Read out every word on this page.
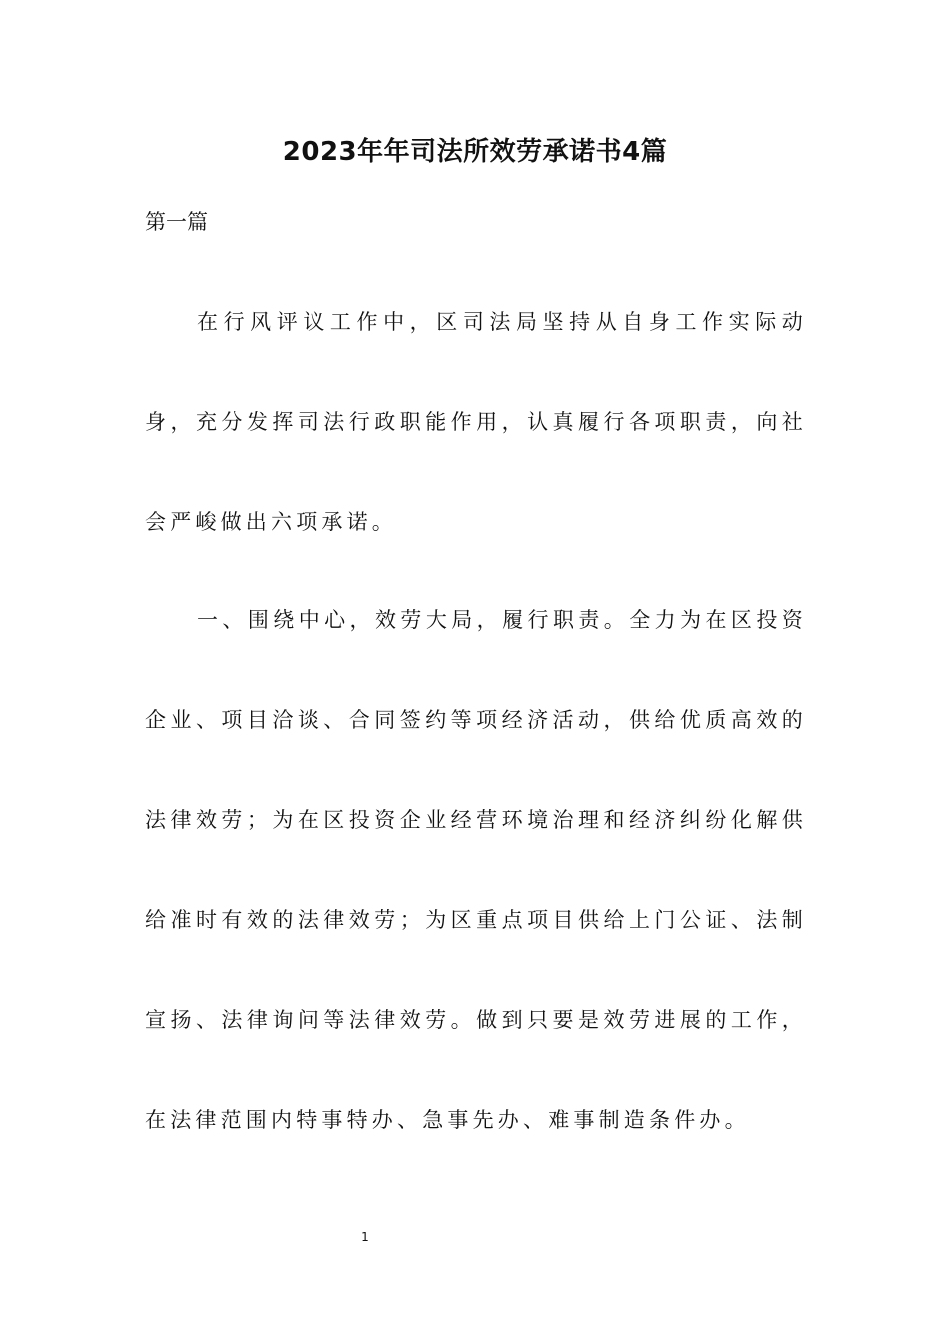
2023年年司法所效劳承诺书4篇
第一篇

在行风评议工作中，区司法局坚持从自身工作实际动身，充分发挥司法行政职能作用，认真履行各项职责，向社会严峻做出六项承诺。

一、围绕中心，效劳大局，履行职责。全力为在区投资企业、项目洽谈、合同签约等项经济活动，供给优质高效的法律效劳；为在区投资企业经营环境治理和经济纠纷化解供给准时有效的法律效劳；为区重点项目供给上门公证、法制宣扬、法律询问等法律效劳。做到只要是效劳进展的工作，在法律范围内特事特办、急事先办、难事制造条件办。

1
